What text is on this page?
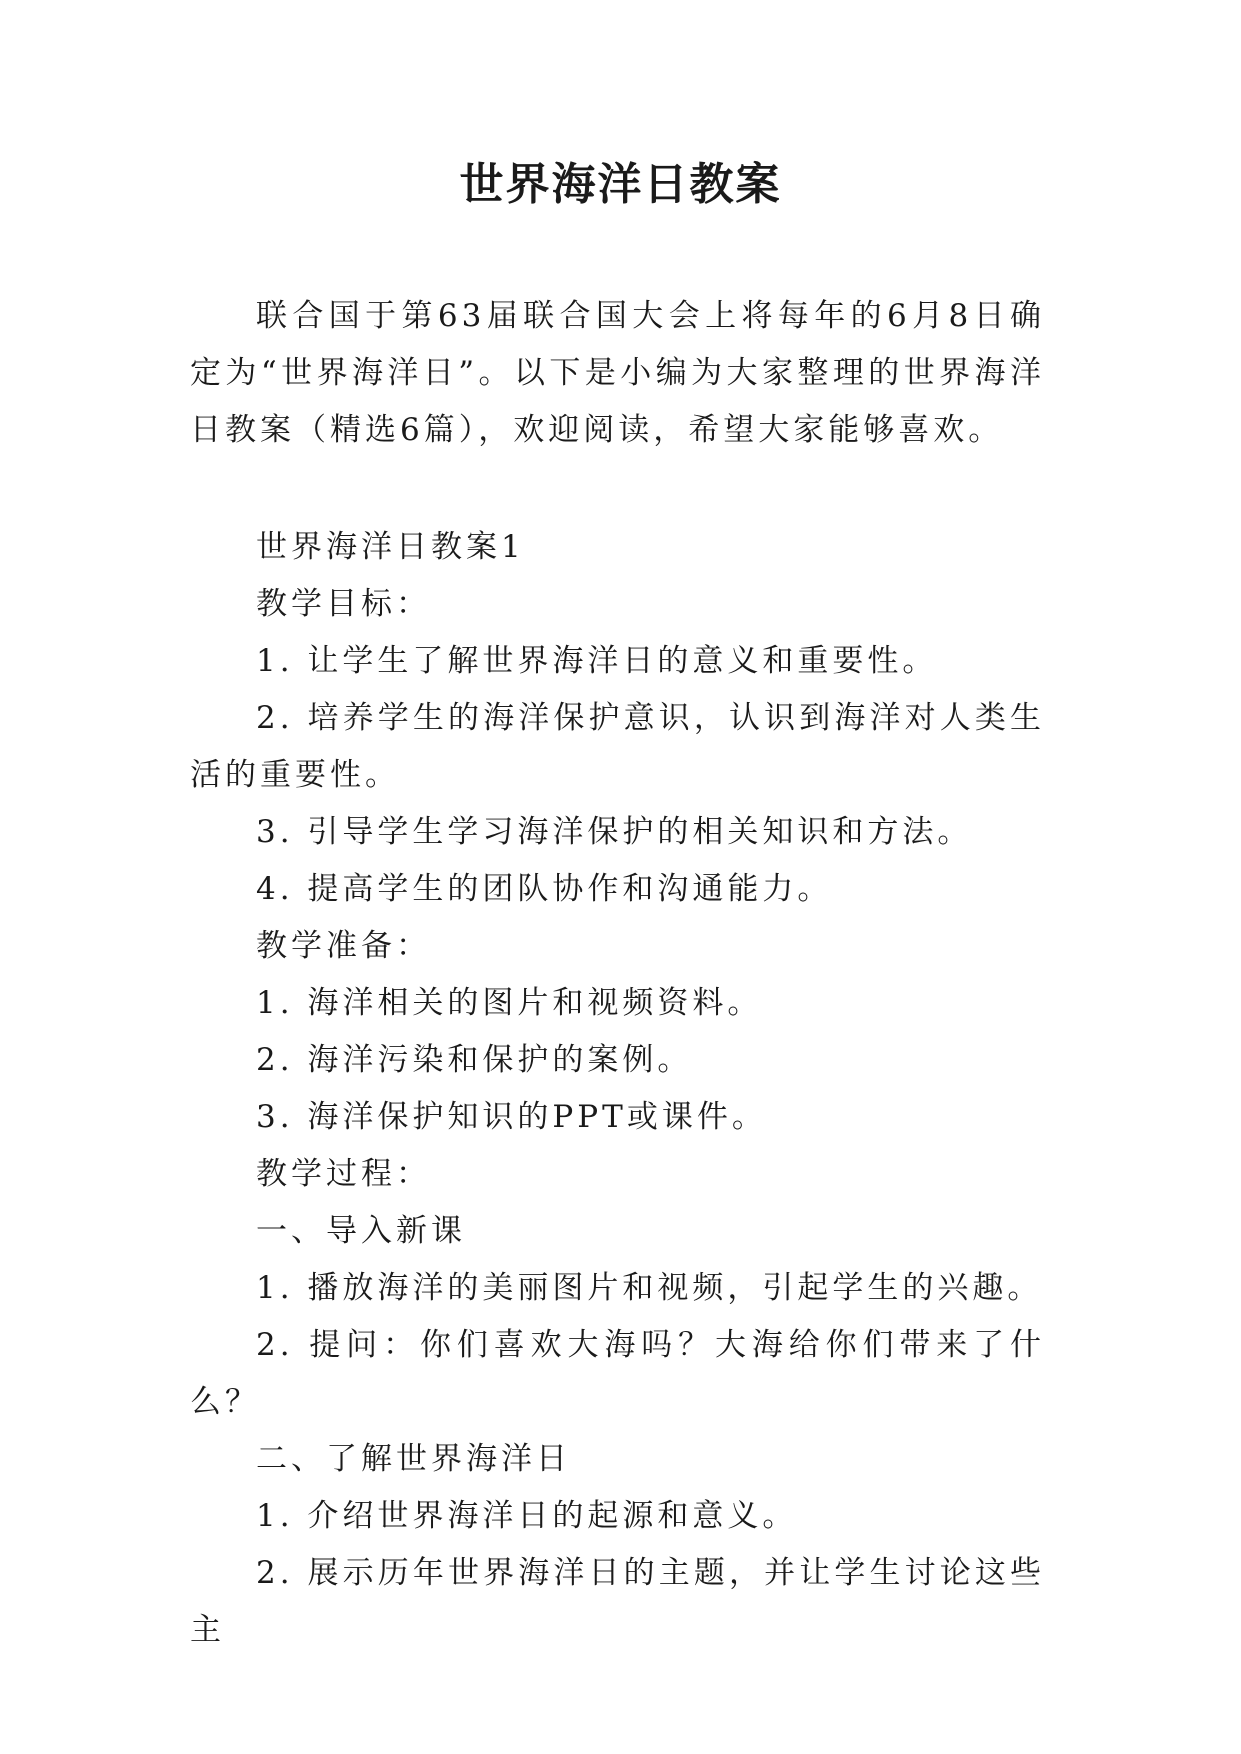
世界海洋日教案

联合国于第63届联合国大会上将每年的6月8日确定为“世界海洋日”。以下是小编为大家整理的世界海洋日教案（精选6篇），欢迎阅读，希望大家能够喜欢。

世界海洋日教案1

教学目标：

1. 让学生了解世界海洋日的意义和重要性。

2. 培养学生的海洋保护意识，认识到海洋对人类生活的重要性。

3. 引导学生学习海洋保护的相关知识和方法。

4. 提高学生的团队协作和沟通能力。

教学准备：

1. 海洋相关的图片和视频资料。

2. 海洋污染和保护的案例。

3. 海洋保护知识的PPT或课件。

教学过程：

一、导入新课

1. 播放海洋的美丽图片和视频，引起学生的兴趣。

2. 提问：你们喜欢大海吗？大海给你们带来了什么？

二、了解世界海洋日

1. 介绍世界海洋日的起源和意义。

2. 展示历年世界海洋日的主题，并让学生讨论这些主
